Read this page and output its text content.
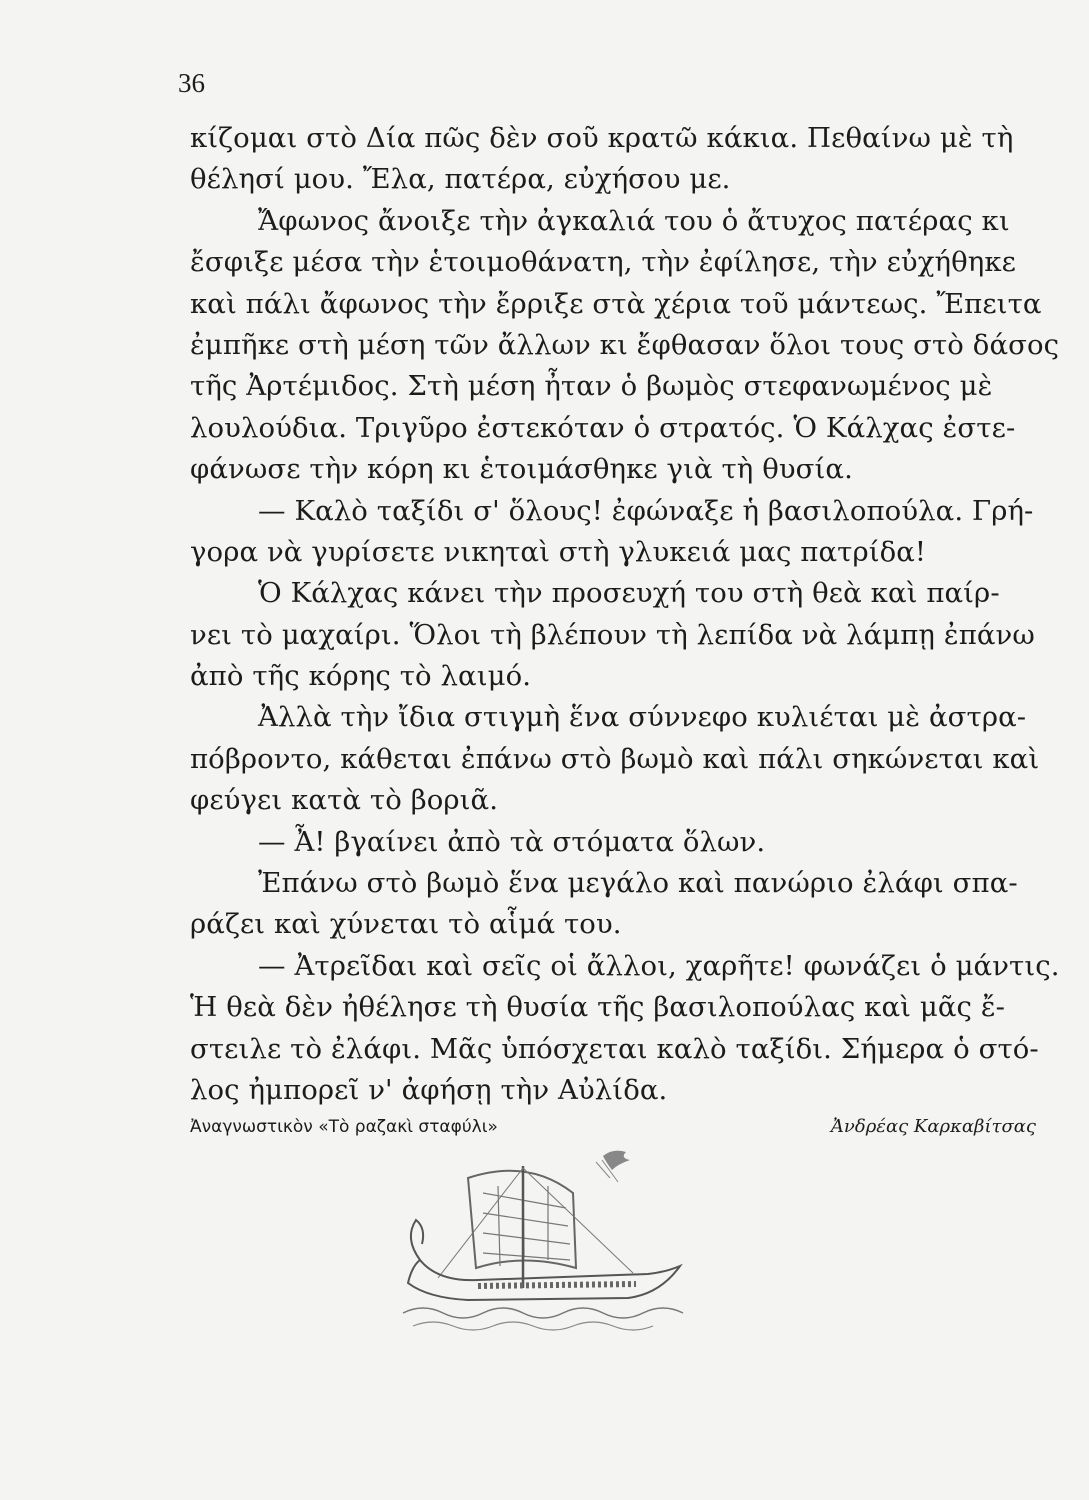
36
κίζομαι στὸ Δία πῶς δὲν σοῦ κρατῶ κάκια. Πεθαίνω μὲ τὴ
θέλησί μου. Ἔλα, πατέρα, εὐχήσου με.
Ἄφωνος ἄνοιξε τὴν ἀγκαλιά του ὁ ἄτυχος πατέρας κι
ἔσφιξε μέσα τὴν ἑτοιμοθάνατη, τὴν ἐφίλησε, τὴν εὐχήθηκε
καὶ πάλι ἄφωνος τὴν ἔρριξε στὰ χέρια τοῦ μάντεως. Ἔπειτα
ἐμπῆκε στὴ μέση τῶν ἄλλων κι ἔφθασαν ὅλοι τους στὸ δάσος
τῆς Ἀρτέμιδος. Στὴ μέση ἦταν ὁ βωμὸς στεφανωμένος μὲ
λουλούδια. Τριγῦρο ἐστεκόταν ὁ στρατός. Ὁ Κάλχας ἐστε-
φάνωσε τὴν κόρη κι ἑτοιμάσθηκε γιὰ τὴ θυσία.
— Καλὸ ταξίδι σ' ὅλους! ἐφώναξε ἡ βασιλοπούλα. Γρή-
γορα νὰ γυρίσετε νικηταὶ στὴ γλυκειά μας πατρίδα!
Ὁ Κάλχας κάνει τὴν προσευχή του στὴ θεὰ καὶ παίρ-
νει τὸ μαχαίρι. Ὅλοι τὴ βλέπουν τὴ λεπίδα νὰ λάμπῃ ἐπάνω
ἀπὸ τῆς κόρης τὸ λαιμό.
Ἀλλὰ τὴν ἴδια στιγμὴ ἕνα σύννεφο κυλιέται μὲ ἀστρα-
πόβροντο, κάθεται ἐπάνω στὸ βωμὸ καὶ πάλι σηκώνεται καὶ
φεύγει κατὰ τὸ βοριᾶ.
— Ἆ! βγαίνει ἀπὸ τὰ στόματα ὅλων.
Ἐπάνω στὸ βωμὸ ἕνα μεγάλο καὶ πανώριο ἐλάφι σπα-
ράζει καὶ χύνεται τὸ αἷμά του.
— Ἀτρεῖδαι καὶ σεῖς οἱ ἄλλοι, χαρῆτε! φωνάζει ὁ μάντις.
Ἡ θεὰ δὲν ἠθέλησε τὴ θυσία τῆς βασιλοπούλας καὶ μᾶς ἔ-
στειλε τὸ ἐλάφι. Μᾶς ὑπόσχεται καλὸ ταξίδι. Σήμερα ὁ στό-
λος ἠμπορεῖ ν' ἀφήσῃ τὴν Αὐλίδα.
Ἀναγνωστικὸν «Τὸ ραζακὶ σταφύλι»	Ἀνδρέας Καρκαβίτσας
